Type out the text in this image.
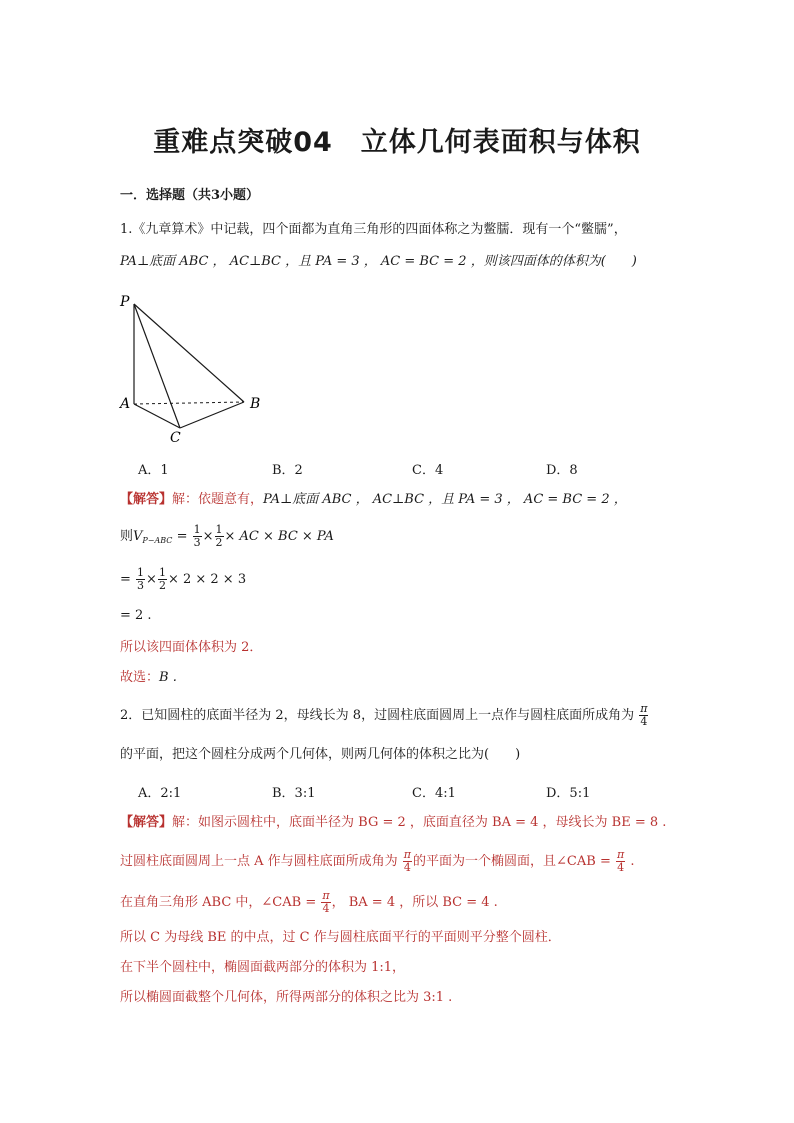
重难点突破04　立体几何表面积与体积
一．选择题（共3小题）
1.《九章算术》中记载，四个面都为直角三角形的四面体称之为鳖臑．现有一个“鳖臑”，
PA⊥底面 ABC ， AC⊥BC ，且 PA = 3 ， AC = BC = 2 ，则该四面体的体积为(　　)
P
A	B
C
A．1	B．2	C．4	D．8
【解答】解：依题意有，PA⊥底面 ABC ， AC⊥BC ，且 PA = 3 ， AC = BC = 2 ，
则$V_{P-ABC} = \frac{1}{3} \times \frac{1}{2}$ × AC × BC × PA
= $\frac{1}{3} \times \frac{1}{2} \times 2 \times 2 \times 3$
= 2 .
所以该四面体体积为 2．
故选：B .
2．已知圆柱的底面半径为 2，母线长为 8，过圆柱底面圆周上一点作与圆柱底面所成角为 $\frac{\pi}{4}$
的平面，把这个圆柱分成两个几何体，则两几何体的体积之比为(　　)
A．2:1	B．3:1	C．4:1	D．5:1
【解答】解：如图示圆柱中，底面半径为 BG = 2 ，底面直径为 BA = 4 ，母线长为 BE = 8 .
过圆柱底面圆周上一点 A 作与圆柱底面所成角为 $\frac{\pi}{4}$ 的平面为一个椭圆面，且∠CAB = $\frac{\pi}{4}$ .
在直角三角形 ABC 中，∠CAB = $\frac{\pi}{4}$ ， BA = 4 ，所以 BC = 4 .
所以 C 为母线 BE 的中点，过 C 作与圆柱底面平行的平面则平分整个圆柱．
在下半个圆柱中，椭圆面截两部分的体积为 1:1，
所以椭圆面截整个几何体，所得两部分的体积之比为 3:1 .
